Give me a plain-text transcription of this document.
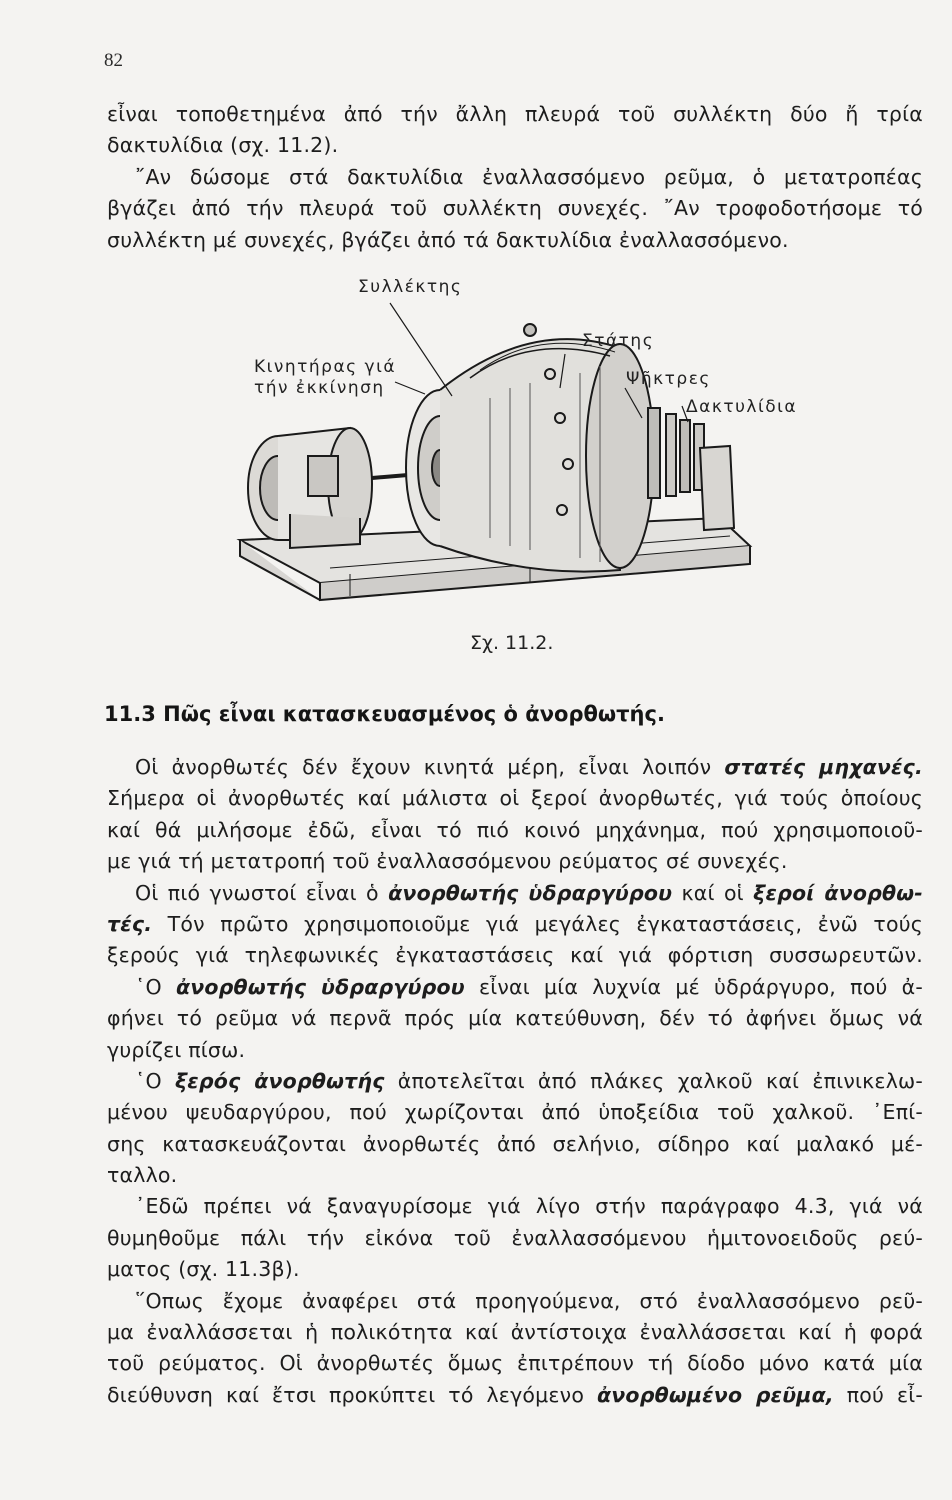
82
εἶναι τοποθετημένα ἀπό τήν ἄλλη πλευρά τοῦ συλλέκτη δύο ἤ τρία
δακτυλίδια (σχ. 11.2).
῎Αν δώσομε στά δακτυλίδια ἐναλλασσόμενο ρεῦμα, ὁ μετατροπέας
βγάζει ἀπό τήν πλευρά τοῦ συλλέκτη συνεχές. ῎Αν τροφοδοτήσομε τό
συλλέκτη μέ συνεχές, βγάζει ἀπό τά δακτυλίδια ἐναλλασσόμενο.
Συλλέκτης
Κινητήρας γιά
τήν ἐκκίνηση
Στάτης
Ψῆκτρες
Δακτυλίδια
Σχ. 11.2.
11.3 Πῶς εἶναι κατασκευασμένος ὁ ἀνορθωτής.
Οἱ ἀνορθωτές δέν ἔχουν κινητά μέρη, εἶναι λοιπόν στατές μηχανές.
Σήμερα οἱ ἀνορθωτές καί μάλιστα οἱ ξεροί ἀνορθωτές, γιά τούς ὁποίους
καί θά μιλήσομε ἐδῶ, εἶναι τό πιό κοινό μηχάνημα, πού χρησιμοποιοῦ-
με γιά τή μετατροπή τοῦ ἐναλλασσόμενου ρεύματος σέ συνεχές.
Οἱ πιό γνωστοί εἶναι ὁ ἀνορθωτής ὑδραργύρου καί οἱ ξεροί ἀνορθω-
τές. Τόν πρῶτο χρησιμοποιοῦμε γιά μεγάλες ἐγκαταστάσεις, ἐνῶ τούς
ξερούς γιά τηλεφωνικές ἐγκαταστάσεις καί γιά φόρτιση συσσωρευτῶν.
῾Ο ἀνορθωτής ὑδραργύρου εἶναι μία λυχνία μέ ὑδράργυρο, πού ἀ-
φήνει τό ρεῦμα νά περνᾶ πρός μία κατεύθυνση, δέν τό ἀφήνει ὅμως νά
γυρίζει πίσω.
῾Ο ξερός ἀνορθωτής ἀποτελεῖται ἀπό πλάκες χαλκοῦ καί ἐπινικελω-
μένου ψευδαργύρου, πού χωρίζονται ἀπό ὑποξείδια τοῦ χαλκοῦ. ᾽Επί-
σης κατασκευάζονται ἀνορθωτές ἀπό σελήνιο, σίδηρο καί μαλακό μέ-
ταλλο.
᾽Εδῶ πρέπει νά ξαναγυρίσομε γιά λίγο στήν παράγραφο 4.3, γιά νά
θυμηθοῦμε πάλι τήν εἰκόνα τοῦ ἐναλλασσόμενου ἡμιτονοειδοῦς ρεύ-
ματος (σχ. 11.3β).
῞Οπως ἔχομε ἀναφέρει στά προηγούμενα, στό ἐναλλασσόμενο ρεῦ-
μα ἐναλλάσσεται ἡ πολικότητα καί ἀντίστοιχα ἐναλλάσσεται καί ἡ φορά
τοῦ ρεύματος. Οἱ ἀνορθωτές ὅμως ἐπιτρέπουν τή δίοδο μόνο κατά μία
διεύθυνση καί ἔτσι προκύπτει τό λεγόμενο ἀνορθωμένο ρεῦμα, πού εἶ-
